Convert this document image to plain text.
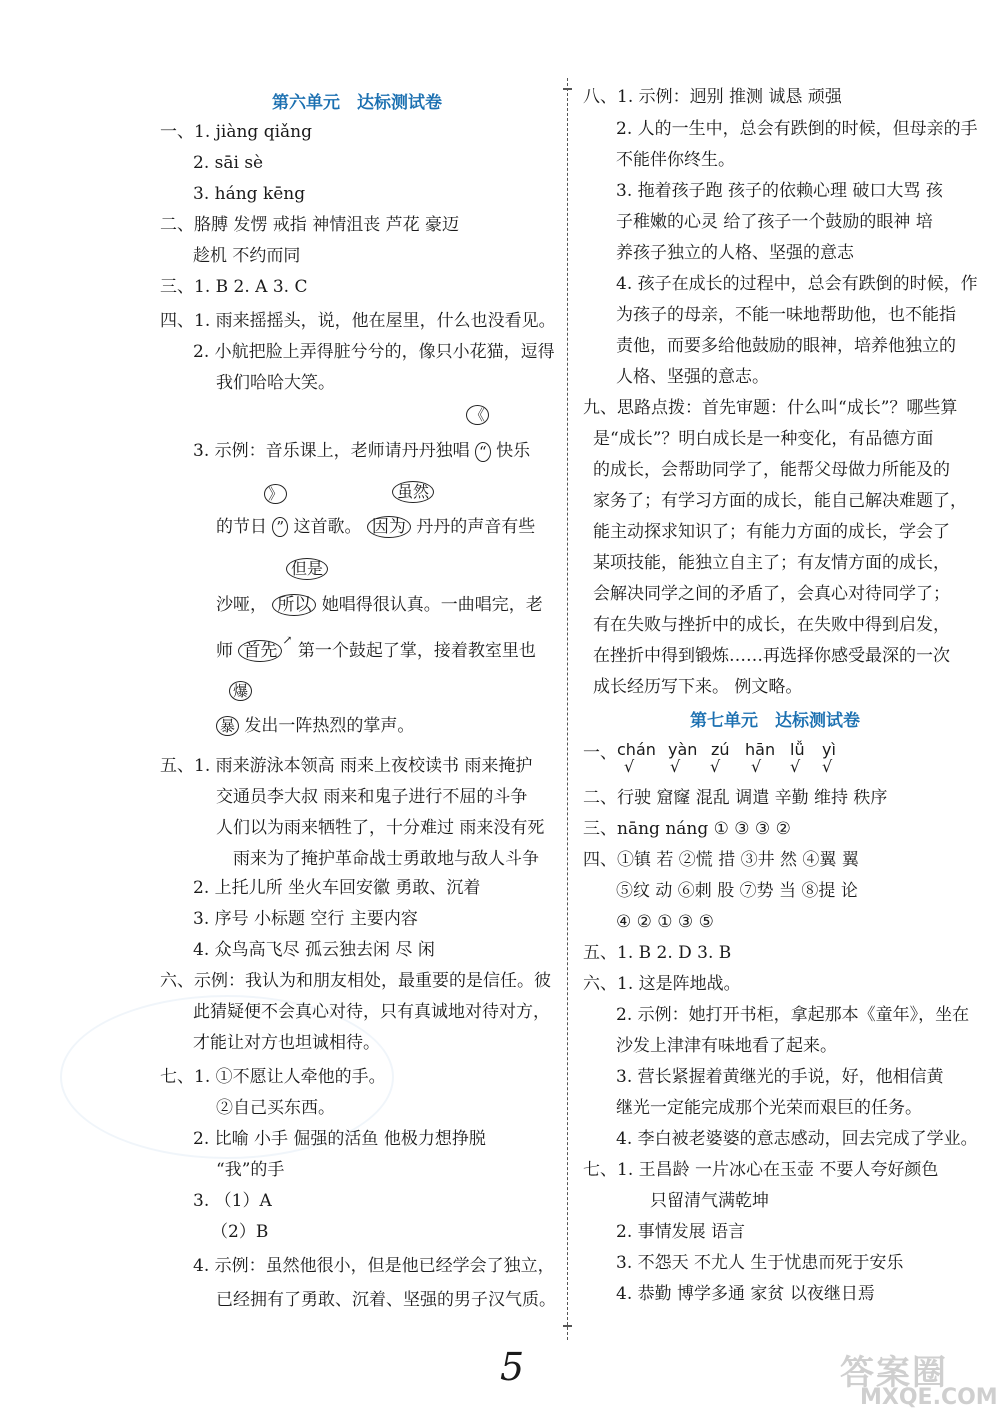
第六单元　达标测试卷
一、1. jiàng qiǎng
2. sāi sè
3. háng kēng
二、胳膊 发愣 戒指 神情沮丧 芦花 豪迈
趁机 不约而同
三、1. B 2. A 3. C
四、1. 雨来摇摇头，说，他在屋里，什么也没看见。
2. 小航把脸上弄得脏兮兮的，像只小花猫，逗得
我们哈哈大笑。
3. 示例：音乐课上，老师请丹丹独唱 “ 快乐
《
的节日 ” 这首歌。 因为 丹丹的声音有些
》	虽然
沙哑， 所以 她唱得很认真。一曲唱完，老
但是
师 首先↗ 第一个鼓起了掌，接着教室里也
暴 发出一阵热烈的掌声。
爆
五、1. 雨来游泳本领高 雨来上夜校读书 雨来掩护
交通员李大叔 雨来和鬼子进行不屈的斗争
人们以为雨来牺牲了，十分难过 雨来没有死
雨来为了掩护革命战士勇敢地与敌人斗争
2. 上托儿所 坐火车回安徽 勇敢、沉着
3. 序号 小标题 空行 主要内容
4. 众鸟高飞尽 孤云独去闲 尽 闲
六、示例：我认为和朋友相处，最重要的是信任。彼
此猜疑便不会真心对待，只有真诚地对待对方，
才能让对方也坦诚相待。
七、1. ①不愿让人牵他的手。
②自己买东西。
2. 比喻 小手 倔强的活鱼 他极力想挣脱
“我”的手
3. （1）A
（2）B
4. 示例：虽然他很小，但是他已经学会了独立，
已经拥有了勇敢、沉着、坚强的男子汉气质。
八、1. 示例：迥别 推测 诚恳 顽强
2. 人的一生中，总会有跌倒的时候，但母亲的手
不能伴你终生。
3. 拖着孩子跑 孩子的依赖心理 破口大骂 孩
子稚嫩的心灵 给了孩子一个鼓励的眼神 培
养孩子独立的人格、坚强的意志
4. 孩子在成长的过程中，总会有跌倒的时候，作
为孩子的母亲，不能一味地帮助他，也不能指
责他，而要多给他鼓励的眼神，培养他独立的
人格、坚强的意志。
九、思路点拨：首先审题：什么叫“成长”？哪些算
是“成长”？明白成长是一种变化，有品德方面
的成长，会帮助同学了，能帮父母做力所能及的
家务了；有学习方面的成长，能自己解决难题了，
能主动探求知识了；有能力方面的成长，学会了
某项技能，能独立自主了；有友情方面的成长，
会解决同学之间的矛盾了，会真心对待同学了；
有在失败与挫折中的成长，在失败中得到启发，
在挫折中得到锻炼……再选择你感受最深的一次
成长经历写下来。 例文略。
第七单元　达标测试卷
一、 chán yàn zú hān lǚ yì
√ √ √ √ √ √
二、行驶 窟窿 混乱 调遣 辛勤 维持 秩序
三、nāng náng ① ③ ③ ②
四、①镇 若 ②慌 措 ③井 然 ④翼 翼
⑤纹 动 ⑥刺 股 ⑦势 当 ⑧提 论
④ ② ① ③ ⑤
五、1. B 2. D 3. B
六、1. 这是阵地战。
2. 示例：她打开书柜，拿起那本《童年》，坐在
沙发上津津有味地看了起来。
3. 营长紧握着黄继光的手说，好，他相信黄
继光一定能完成那个光荣而艰巨的任务。
4. 李白被老婆婆的意志感动，回去完成了学业。
七、1. 王昌龄 一片冰心在玉壶 不要人夸好颜色
只留清气满乾坤
2. 事情发展 语言
3. 不怨天 不尤人 生于忧患而死于安乐
4. 恭勤 博学多通 家贫 以夜继日焉
5	答案圈
MXQE.COM
